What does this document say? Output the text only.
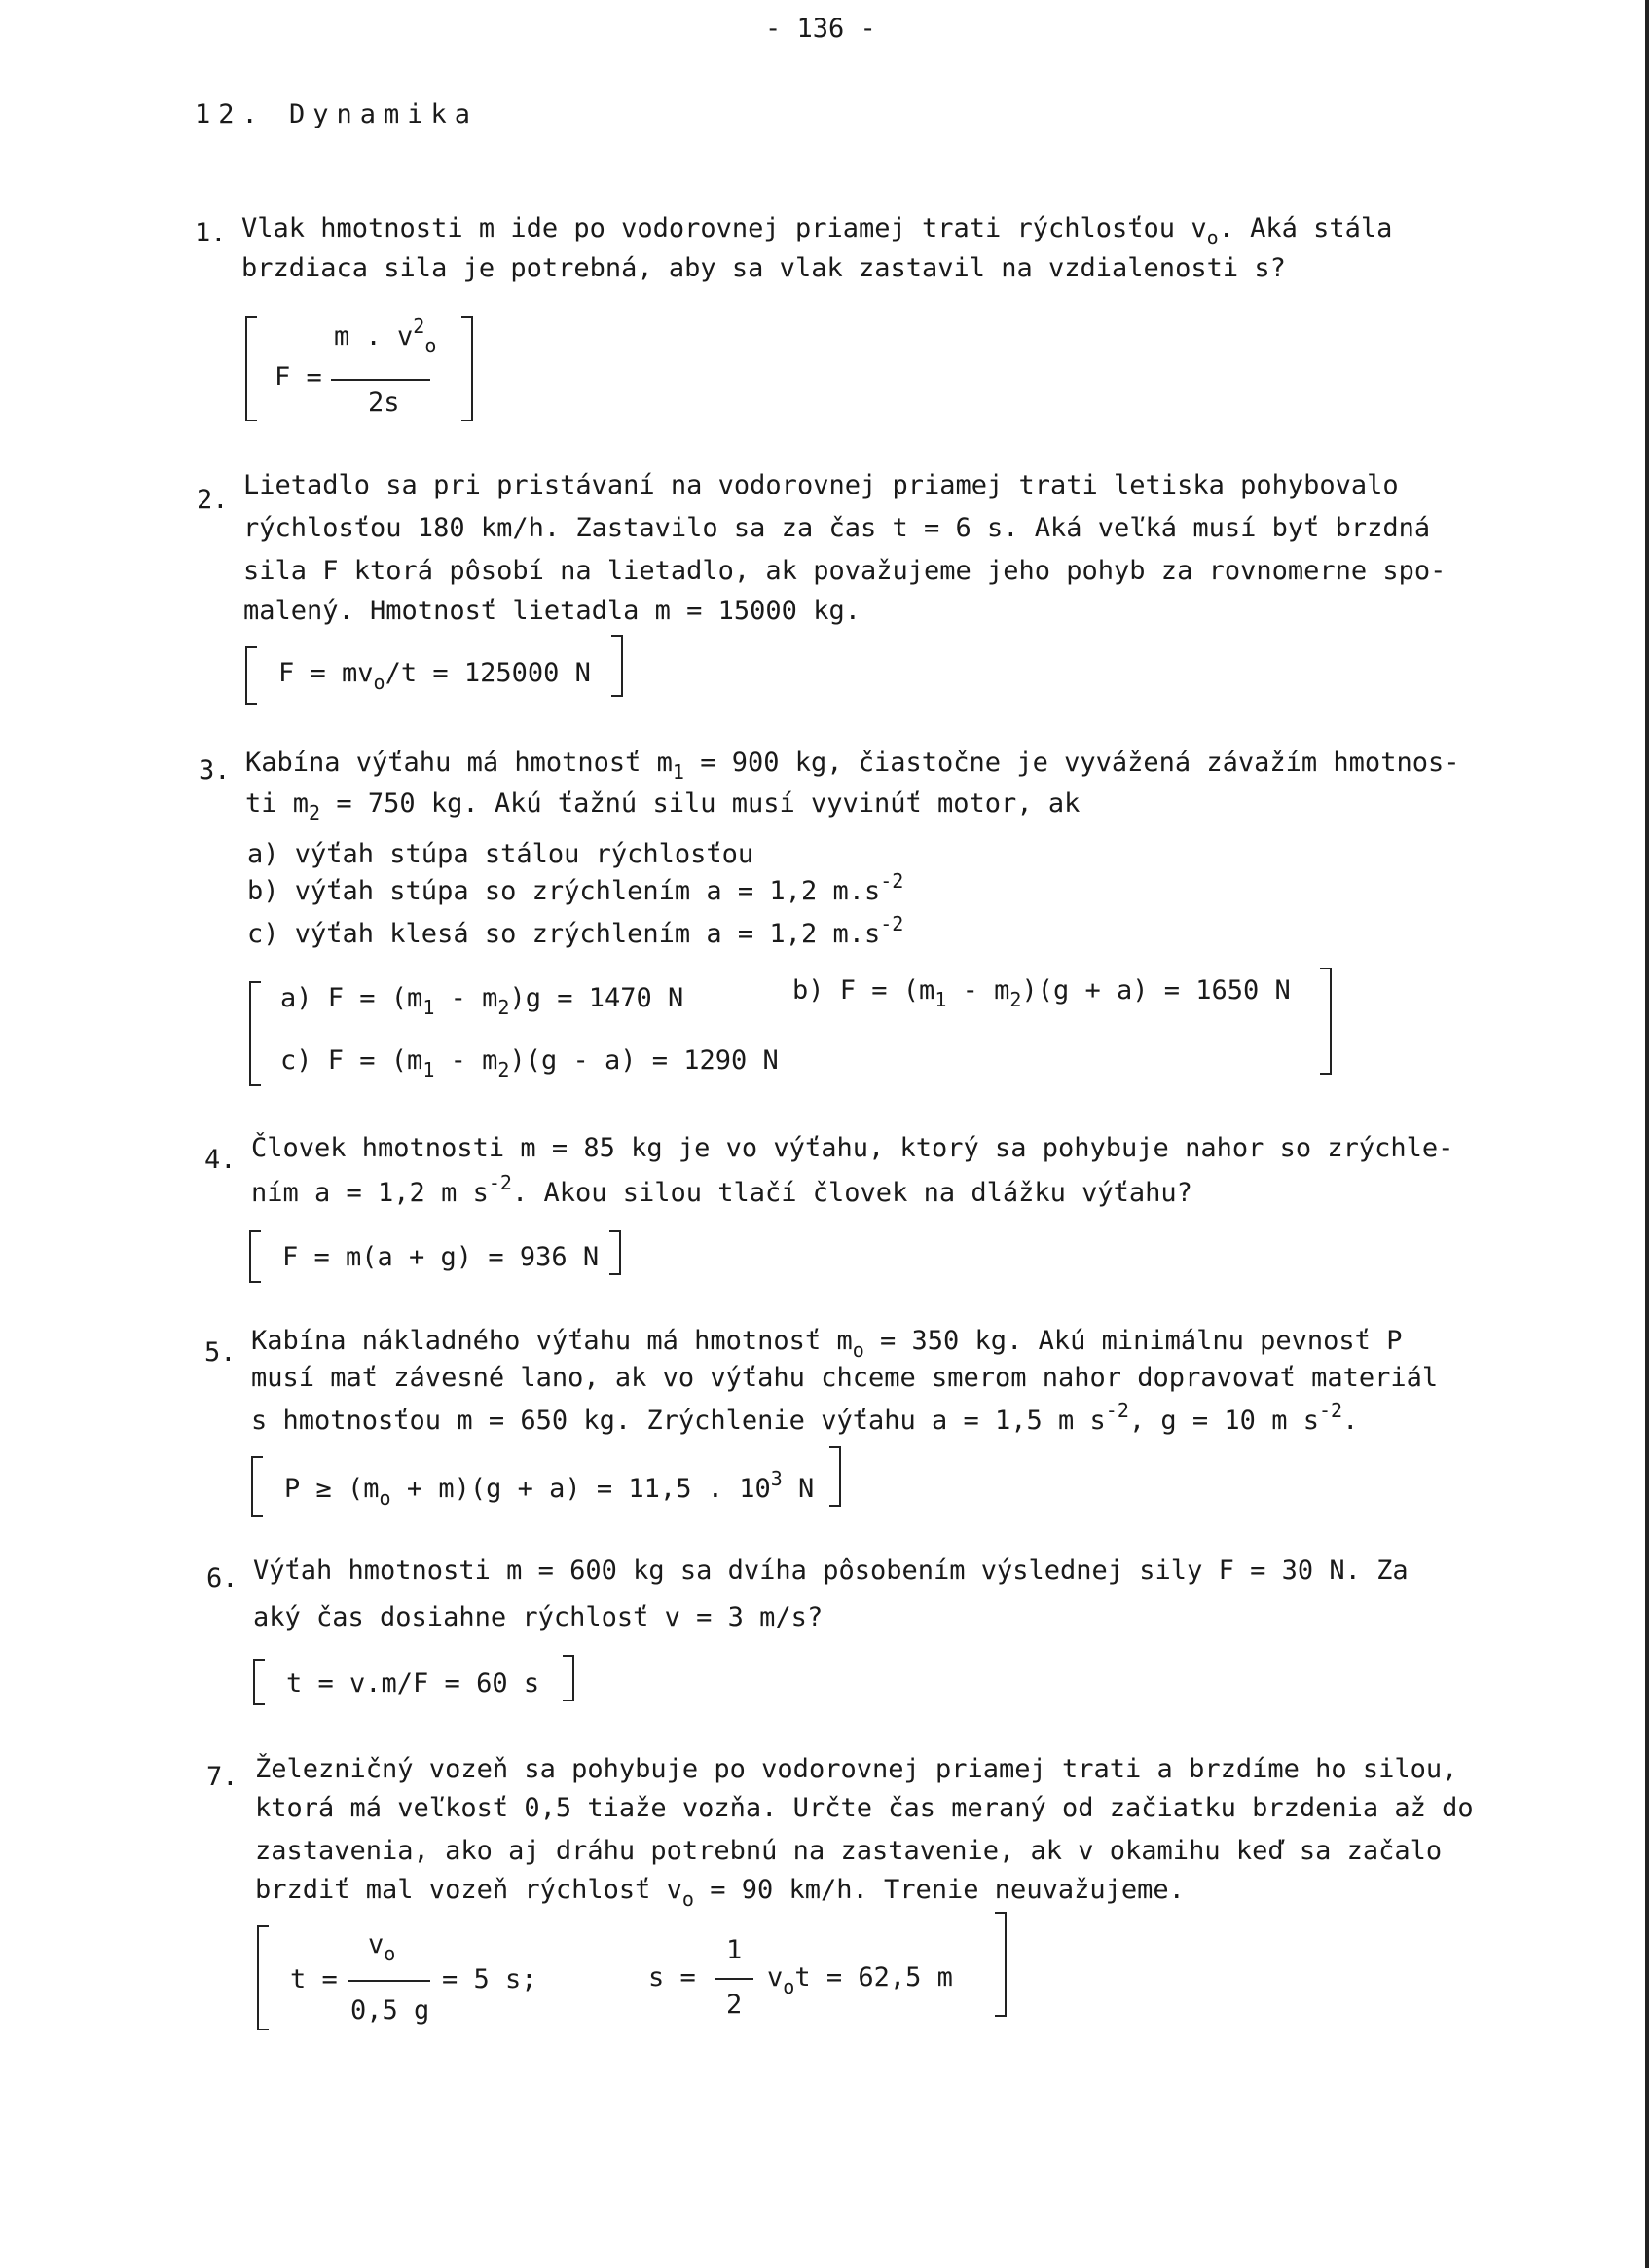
- 136 -
12. Dynamika
1. Vlak hmotnosti m ide po vodorovnej priamej trati rýchlosťou $v_o$. Aká stála
brzdiaca sila je potrebná, aby sa vlak zastavil na vzdialenosti s?
F =
m . $v^2_o$
2s
2. Lietadlo sa pri pristávaní na vodorovnej priamej trati letiska pohybovalo
rýchlosťou 180 km/h. Zastavilo sa za čas t = 6 s. Aká veľká musí byť brzdná
sila F ktorá pôsobí na lietadlo, ak považujeme jeho pohyb za rovnomerne spo-
malený. Hmotnosť lietadla m = 15000 kg.
$F = mv_o/t = 125000$ N
3. Kabína výťahu má hmotnosť $m_1 = 900$ kg, čiastočne je vyvážená závažím hmotnos-
ti $m_2 = 750$ kg. Akú ťažnú silu musí vyvinúť motor, ak
a) výťah stúpa stálou rýchlosťou
b) výťah stúpa so zrýchlením a = 1,2 $m.s^{-2}$
c) výťah klesá so zrýchlením a = 1,2 $m.s^{-2}$
a) $F = (m_1 - m_2)g = 1470$ N	b) $F = (m_1 - m_2)(g + a) = 1650$ N
c) $F = (m_1 - m_2)(g - a) = 1290$ N
4. Človek hmotnosti m = 85 kg je vo výťahu, ktorý sa pohybuje nahor so zrýchle-
ním a = 1,2 m $s^{-2}$. Akou silou tlačí človek na dlážku výťahu?
F = m(a + g) = 936 N
5. Kabína nákladného výťahu má hmotnosť $m_o = 350$ kg. Akú minimálnu pevnosť P
musí mať závesné lano, ak vo výťahu chceme smerom nahor dopravovať materiál
s hmotnosťou m = 650 kg. Zrýchlenie výťahu a = 1,5 m $s^{-2}$, g = 10 m $s^{-2}$.
$P \ge (m_o + m)(g + a) = 11,5$ . $10^3$ N
6. Výťah hmotnosti m = 600 kg sa dvíha pôsobením výslednej sily F = 30 N. Za
aký čas dosiahne rýchlosť v = 3 m/s?
t = v.m/F = 60 s
7. Železničný vozeň sa pohybuje po vodorovnej priamej trati a brzdíme ho silou,
ktorá má veľkosť 0,5 tiaže vozňa. Určte čas meraný od začiatku brzdenia až do
zastavenia, ako aj dráhu potrebnú na zastavenie, ak v okamihu keď sa začalo
brzdiť mal vozeň rýchlosť $v_o = 90$ km/h. Trenie neuvažujeme.
t =
$v_o$
0,5 g
= 5 s;	s =
1
2
$v_ot = 62,5$ m
